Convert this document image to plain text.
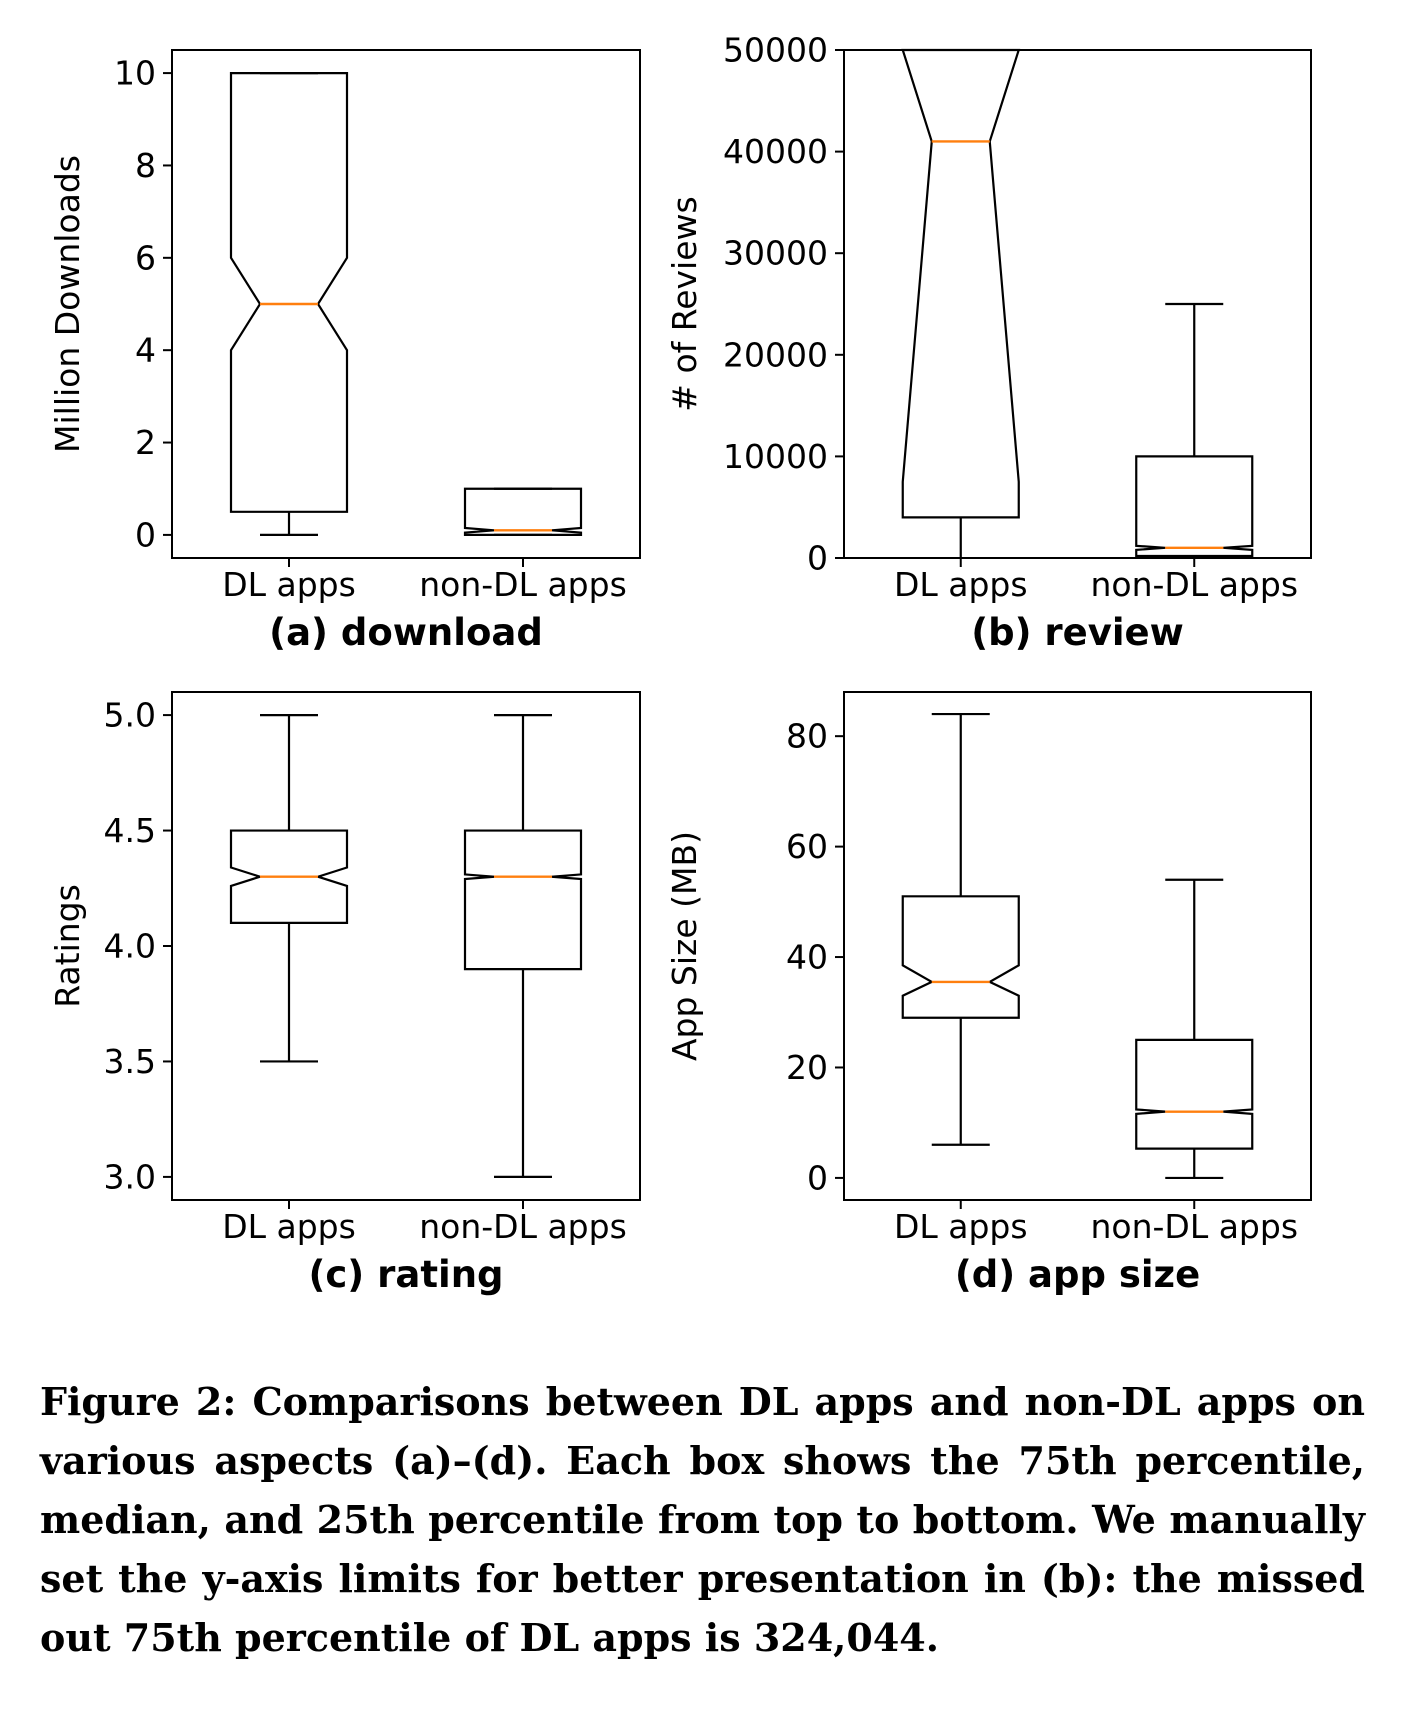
0
2
4
6
8
10
DL apps non-DL apps
Million Downloads
(a) download
0
10000
20000
30000
40000
50000
DL apps non-DL apps
# of Reviews
(b) review
3.0
3.5
4.0
4.5
5.0
DL apps non-DL apps
Ratings
(c) rating
0
20
40
60
80
DL apps non-DL apps
App Size (MB)
(d) app size

Figure 2: Comparisons between DL apps and non-DL apps on various aspects (a)–(d). Each box shows the 75th percentile, median, and 25th percentile from top to bottom. We manually set the y-axis limits for better presentation in (b): the missed out 75th percentile of DL apps is 324,044.
